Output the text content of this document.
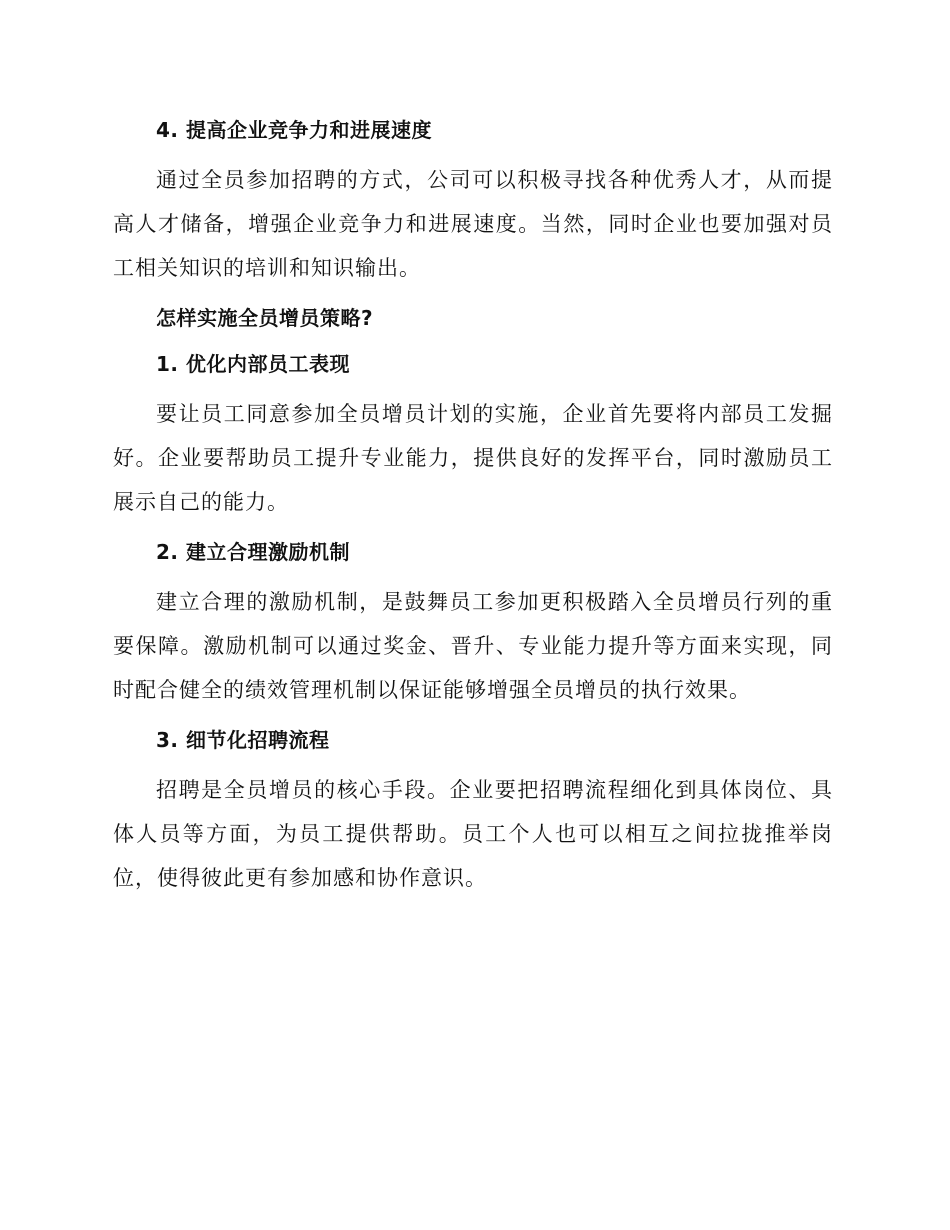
4. 提高企业竞争力和进展速度
通过全员参加招聘的方式，公司可以积极寻找各种优秀人才，从而提高人才储备，增强企业竞争力和进展速度。当然，同时企业也要加强对员工相关知识的培训和知识输出。
怎样实施全员增员策略?
1. 优化内部员工表现
要让员工同意参加全员增员计划的实施，企业首先要将内部员工发掘好。企业要帮助员工提升专业能力，提供良好的发挥平台，同时激励员工展示自己的能力。
2. 建立合理激励机制
建立合理的激励机制，是鼓舞员工参加更积极踏入全员增员行列的重要保障。激励机制可以通过奖金、晋升、专业能力提升等方面来实现，同时配合健全的绩效管理机制以保证能够增强全员增员的执行效果。
3. 细节化招聘流程
招聘是全员增员的核心手段。企业要把招聘流程细化到具体岗位、具体人员等方面，为员工提供帮助。员工个人也可以相互之间拉拢推举岗位，使得彼此更有参加感和协作意识。
